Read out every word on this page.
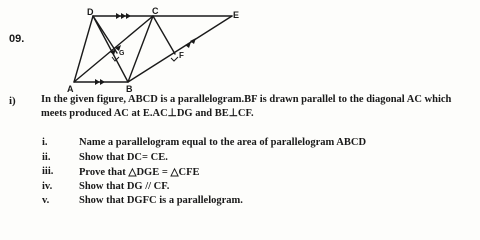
09.
D	C	E
G	F
A	B
i) In the given figure, ABCD is a parallelogram.BF is drawn parallel to the diagonal AC which
meets produced AC at E.AC⊥DG and BE⊥CF.
i.	Name a parallelogram equal to the area of parallelogram ABCD
ii.	Show that DC= CE.
iii.	Prove that △DGE = △CFE
iv.	Show that DG // CF.
v.	Show that DGFC is a parallelogram.
